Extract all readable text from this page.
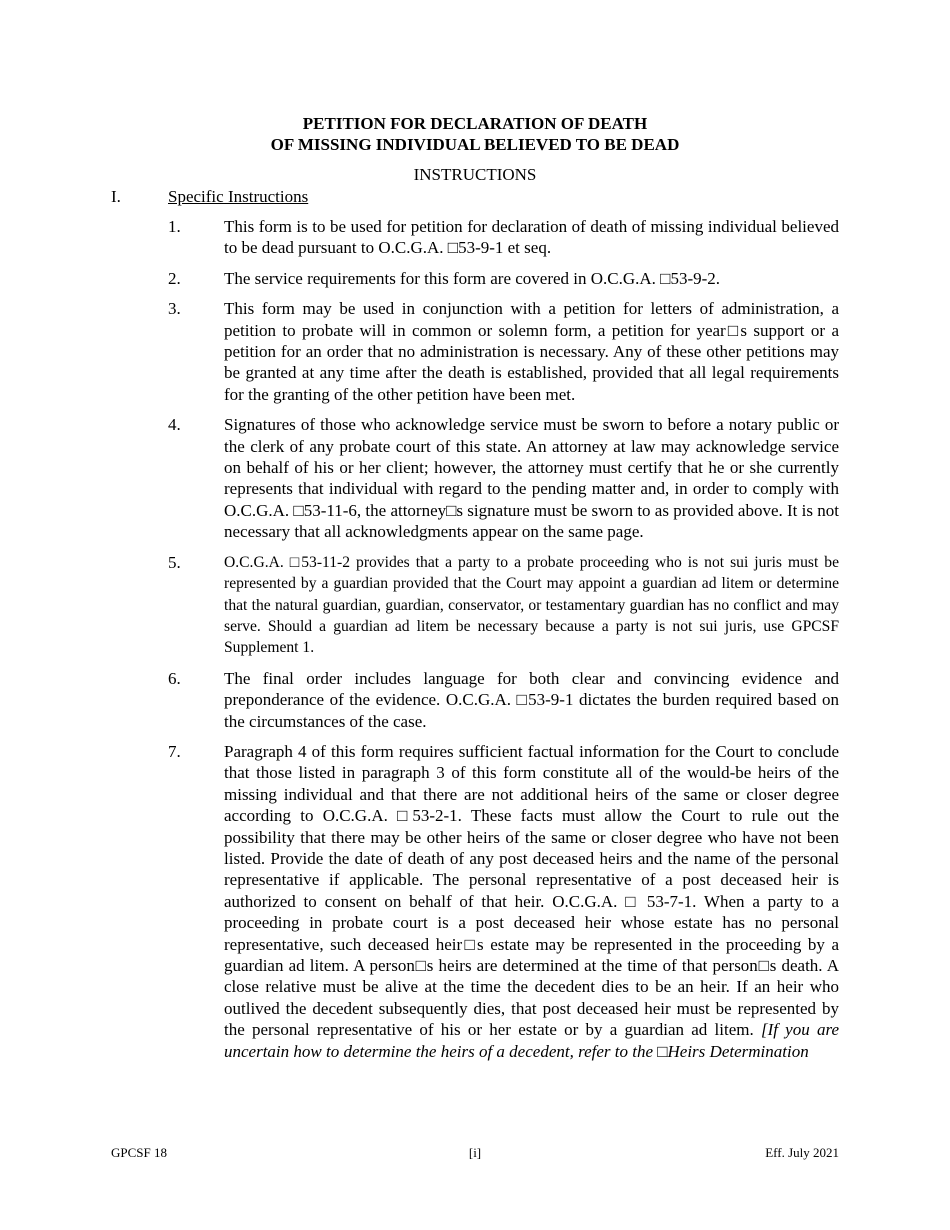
PETITION FOR DECLARATION OF DEATH
OF MISSING INDIVIDUAL BELIEVED TO BE DEAD
INSTRUCTIONS
I.	Specific Instructions
1.	This form is to be used for petition for declaration of death of missing individual believed to be dead pursuant to O.C.G.A. □53-9-1 et seq.
2.	The service requirements for this form are covered in O.C.G.A. □53-9-2.
3.	This form may be used in conjunction with a petition for letters of administration, a petition to probate will in common or solemn form, a petition for year□s support or a petition for an order that no administration is necessary. Any of these other petitions may be granted at any time after the death is established, provided that all legal requirements for the granting of the other petition have been met.
4.	Signatures of those who acknowledge service must be sworn to before a notary public or the clerk of any probate court of this state. An attorney at law may acknowledge service on behalf of his or her client; however, the attorney must certify that he or she currently represents that individual with regard to the pending matter and, in order to comply with O.C.G.A. □53-11-6, the attorney□s signature must be sworn to as provided above. It is not necessary that all acknowledgments appear on the same page.
5.	O.C.G.A. □53-11-2 provides that a party to a probate proceeding who is not sui juris must be represented by a guardian provided that the Court may appoint a guardian ad litem or determine that the natural guardian, guardian, conservator, or testamentary guardian has no conflict and may serve. Should a guardian ad litem be necessary because a party is not sui juris, use GPCSF Supplement 1.
6.	The final order includes language for both clear and convincing evidence and preponderance of the evidence. O.C.G.A. □53-9-1 dictates the burden required based on the circumstances of the case.
7.	Paragraph 4 of this form requires sufficient factual information for the Court to conclude that those listed in paragraph 3 of this form constitute all of the would-be heirs of the missing individual and that there are not additional heirs of the same or closer degree according to O.C.G.A. □53-2-1. These facts must allow the Court to rule out the possibility that there may be other heirs of the same or closer degree who have not been listed. Provide the date of death of any post deceased heirs and the name of the personal representative if applicable. The personal representative of a post deceased heir is authorized to consent on behalf of that heir. O.C.G.A. □ 53-7-1. When a party to a proceeding in probate court is a post deceased heir whose estate has no personal representative, such deceased heir□s estate may be represented in the proceeding by a guardian ad litem. A person□s heirs are determined at the time of that person□s death. A close relative must be alive at the time the decedent dies to be an heir. If an heir who outlived the decedent subsequently dies, that post deceased heir must be represented by the personal representative of his or her estate or by a guardian ad litem. [If you are uncertain how to determine the heirs of a decedent, refer to the □Heirs Determination
GPCSF 18	[i]	Eff. July 2021
